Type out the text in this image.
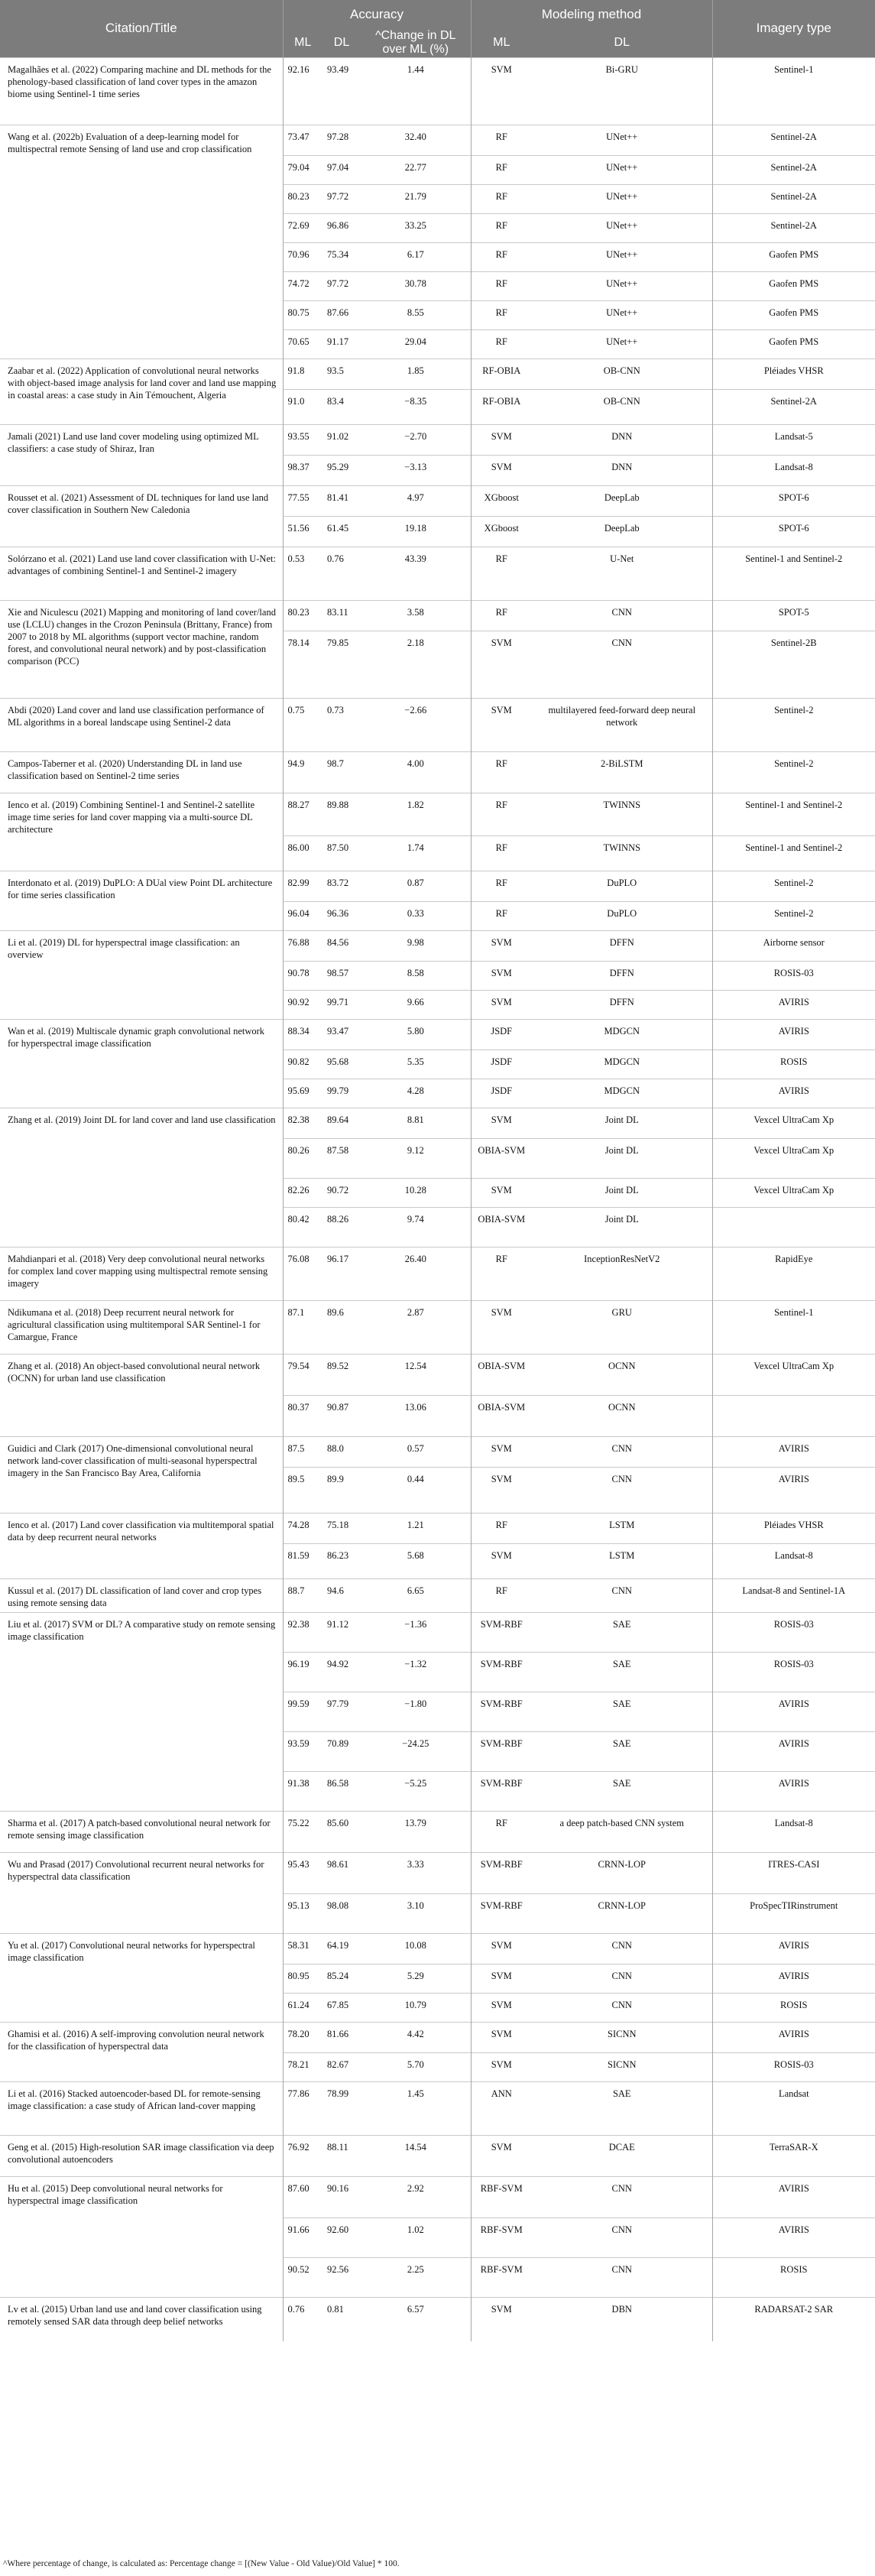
Citation/Title	Accuracy			Modeling method		Imagery type
	ML	DL	^Change in DL over ML (%)	ML	DL	
Magalhães et al. (2022) Comparing machine and DL methods for the phenology-based classification of land cover types in the amazon biome using Sentinel-1 time series	92.16	93.49	1.44	SVM	Bi-GRU	Sentinel-1
Wang et al. (2022b) Evaluation of a deep-learning model for multispectral remote Sensing of land use and crop classification	73.47	97.28	32.40	RF	UNet++	Sentinel-2A
	79.04	97.04	22.77	RF	UNet++	Sentinel-2A
	80.23	97.72	21.79	RF	UNet++	Sentinel-2A
	72.69	96.86	33.25	RF	UNet++	Sentinel-2A
	70.96	75.34	6.17	RF	UNet++	Gaofen PMS
	74.72	97.72	30.78	RF	UNet++	Gaofen PMS
	80.75	87.66	8.55	RF	UNet++	Gaofen PMS
	70.65	91.17	29.04	RF	UNet++	Gaofen PMS
Zaabar et al. (2022) Application of convolutional neural networks with object-based image analysis for land cover and land use mapping in coastal areas: a case study in Ain Témouchent, Algeria	91.8	93.5	1.85	RF-OBIA	OB-CNN	Pléiades VHSR
	91.0	83.4	−8.35	RF-OBIA	OB-CNN	Sentinel-2A
Jamali (2021) Land use land cover modeling using optimized ML classifiers: a case study of Shiraz, Iran	93.55	91.02	−2.70	SVM	DNN	Landsat-5
	98.37	95.29	−3.13	SVM	DNN	Landsat-8
Rousset et al. (2021) Assessment of DL techniques for land use land cover classification in Southern New Caledonia	77.55	81.41	4.97	XGboost	DeepLab	SPOT-6
	51.56	61.45	19.18	XGboost	DeepLab	SPOT-6
Solórzano et al. (2021) Land use land cover classification with U-Net: advantages of combining Sentinel-1 and Sentinel-2 imagery	0.53	0.76	43.39	RF	U-Net	Sentinel-1 and Sentinel-2
Xie and Niculescu (2021) Mapping and monitoring of land cover/land use (LCLU) changes in the Crozon Peninsula (Brittany, France) from 2007 to 2018 by ML algorithms (support vector machine, random forest, and convolutional neural network) and by post-classification comparison (PCC)	80.23	83.11	3.58	RF	CNN	SPOT-5
	78.14	79.85	2.18	SVM	CNN	Sentinel-2B
Abdi (2020) Land cover and land use classification performance of ML algorithms in a boreal landscape using Sentinel-2 data	0.75	0.73	−2.66	SVM	multilayered feed-forward deep neural network	Sentinel-2
Campos-Taberner et al. (2020) Understanding DL in land use classification based on Sentinel-2 time series	94.9	98.7	4.00	RF	2-BiLSTM	Sentinel-2
Ienco et al. (2019) Combining Sentinel-1 and Sentinel-2 satellite image time series for land cover mapping via a multi-source DL architecture	88.27	89.88	1.82	RF	TWINNS	Sentinel-1 and Sentinel-2
	86.00	87.50	1.74	RF	TWINNS	Sentinel-1 and Sentinel-2
Interdonato et al. (2019) DuPLO: A DUal view Point DL architecture for time series classification	82.99	83.72	0.87	RF	DuPLO	Sentinel-2
	96.04	96.36	0.33	RF	DuPLO	Sentinel-2
Li et al. (2019) DL for hyperspectral image classification: an overview	76.88	84.56	9.98	SVM	DFFN	Airborne sensor
	90.78	98.57	8.58	SVM	DFFN	ROSIS-03
	90.92	99.71	9.66	SVM	DFFN	AVIRIS
Wan et al. (2019) Multiscale dynamic graph convolutional network for hyperspectral image classification	88.34	93.47	5.80	JSDF	MDGCN	AVIRIS
	90.82	95.68	5.35	JSDF	MDGCN	ROSIS
	95.69	99.79	4.28	JSDF	MDGCN	AVIRIS
Zhang et al. (2019) Joint DL for land cover and land use classification	82.38	89.64	8.81	SVM	Joint DL	Vexcel UltraCam Xp
	80.26	87.58	9.12	OBIA-SVM	Joint DL	Vexcel UltraCam Xp
	82.26	90.72	10.28	SVM	Joint DL	Vexcel UltraCam Xp
	80.42	88.26	9.74	OBIA-SVM	Joint DL	
Mahdianpari et al. (2018) Very deep convolutional neural networks for complex land cover mapping using multispectral remote sensing imagery	76.08	96.17	26.40	RF	InceptionResNetV2	RapidEye
Ndikumana et al. (2018) Deep recurrent neural network for agricultural classification using multitemporal SAR Sentinel-1 for Camargue, France	87.1	89.6	2.87	SVM	GRU	Sentinel-1
Zhang et al. (2018) An object-based convolutional neural network (OCNN) for urban land use classification	79.54	89.52	12.54	OBIA-SVM	OCNN	Vexcel UltraCam Xp
	80.37	90.87	13.06	OBIA-SVM	OCNN	
Guidici and Clark (2017) One-dimensional convolutional neural network land-cover classification of multi-seasonal hyperspectral imagery in the San Francisco Bay Area, California	87.5	88.0	0.57	SVM	CNN	AVIRIS
	89.5	89.9	0.44	SVM	CNN	AVIRIS
Ienco et al. (2017) Land cover classification via multitemporal spatial data by deep recurrent neural networks	74.28	75.18	1.21	RF	LSTM	Pléiades VHSR
	81.59	86.23	5.68	SVM	LSTM	Landsat-8
Kussul et al. (2017) DL classification of land cover and crop types using remote sensing data	88.7	94.6	6.65	RF	CNN	Landsat-8 and Sentinel-1A
Liu et al. (2017) SVM or DL? A comparative study on remote sensing image classification	92.38	91.12	−1.36	SVM-RBF	SAE	ROSIS-03
	96.19	94.92	−1.32	SVM-RBF	SAE	ROSIS-03
	99.59	97.79	−1.80	SVM-RBF	SAE	AVIRIS
	93.59	70.89	−24.25	SVM-RBF	SAE	AVIRIS
	91.38	86.58	−5.25	SVM-RBF	SAE	AVIRIS
Sharma et al. (2017) A patch-based convolutional neural network for remote sensing image classification	75.22	85.60	13.79	RF	a deep patch-based CNN system	Landsat-8
Wu and Prasad (2017) Convolutional recurrent neural networks for hyperspectral data classification	95.43	98.61	3.33	SVM-RBF	CRNN-LOP	ITRES-CASI
	95.13	98.08	3.10	SVM-RBF	CRNN-LOP	ProSpecTIRinstrument
Yu et al. (2017) Convolutional neural networks for hyperspectral image classification	58.31	64.19	10.08	SVM	CNN	AVIRIS
	80.95	85.24	5.29	SVM	CNN	AVIRIS
	61.24	67.85	10.79	SVM	CNN	ROSIS
Ghamisi et al. (2016) A self-improving convolution neural network for the classification of hyperspectral data	78.20	81.66	4.42	SVM	SICNN	AVIRIS
	78.21	82.67	5.70	SVM	SICNN	ROSIS-03
Li et al. (2016) Stacked autoencoder-based DL for remote-sensing image classification: a case study of African land-cover mapping	77.86	78.99	1.45	ANN	SAE	Landsat
Geng et al. (2015) High-resolution SAR image classification via deep convolutional autoencoders	76.92	88.11	14.54	SVM	DCAE	TerraSAR-X
Hu et al. (2015) Deep convolutional neural networks for hyperspectral image classification	87.60	90.16	2.92	RBF-SVM	CNN	AVIRIS
	91.66	92.60	1.02	RBF-SVM	CNN	AVIRIS
	90.52	92.56	2.25	RBF-SVM	CNN	ROSIS
Lv et al. (2015) Urban land use and land cover classification using remotely sensed SAR data through deep belief networks	0.76	0.81	6.57	SVM	DBN	RADARSAT-2 SAR
^Where percentage of change, is calculated as: Percentage change = [(New Value - Old Value)/Old Value] * 100.
